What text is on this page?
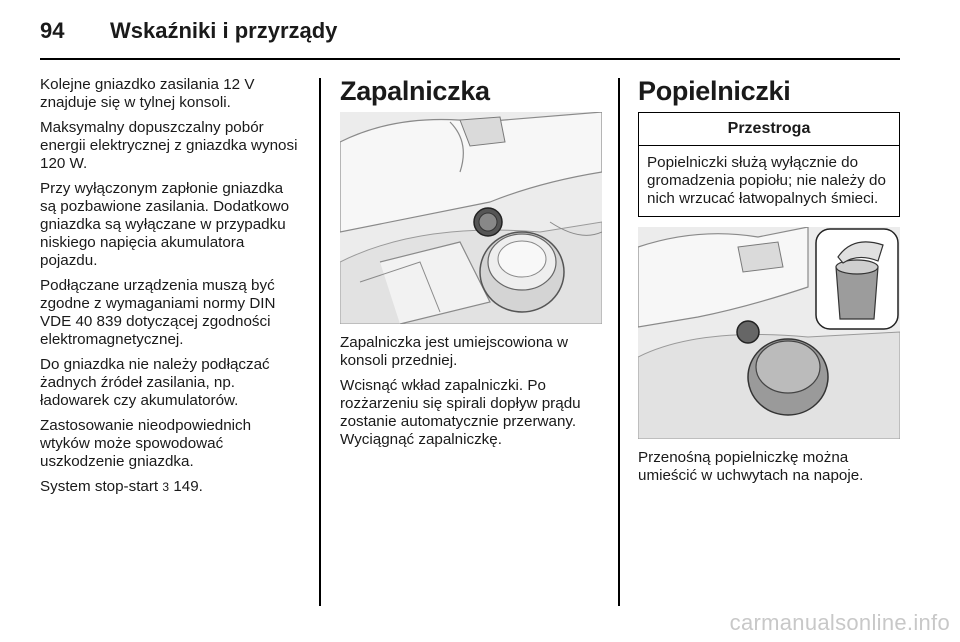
94	Wskaźniki i przyrządy

Kolejne gniazdko zasilania 12 V znajduje się w tylnej konsoli.

Maksymalny dopuszczalny pobór energii elektrycznej z gniazdka wynosi 120 W.

Przy wyłączonym zapłonie gniazdka są pozbawione zasilania. Dodatkowo gniazdka są wyłączane w przypadku niskiego napięcia akumulatora pojazdu.

Podłączane urządzenia muszą być zgodne z wymaganiami normy DIN VDE 40 839 dotyczącej zgodności elektromagnetycznej.

Do gniazdka nie należy podłączać żadnych źródeł zasilania, np. ładowarek czy akumulatorów.

Zastosowanie nieodpowiednich wtyków może spowodować uszkodzenie gniazdka.

System stop-start 3 149.

Zapalniczka

Zapalniczka jest umiejscowiona w konsoli przedniej.

Wcisnąć wkład zapalniczki. Po rozżarzeniu się spirali dopływ prądu zostanie automatycznie przerwany. Wyciągnąć zapalniczkę.

Popielniczki
Przestroga
Popielniczki służą wyłącznie do gromadzenia popiołu; nie należy do nich wrzucać łatwopalnych śmieci.

Przenośną popielniczkę można umieścić w uchwytach na napoje.

carmanualsonline.info
